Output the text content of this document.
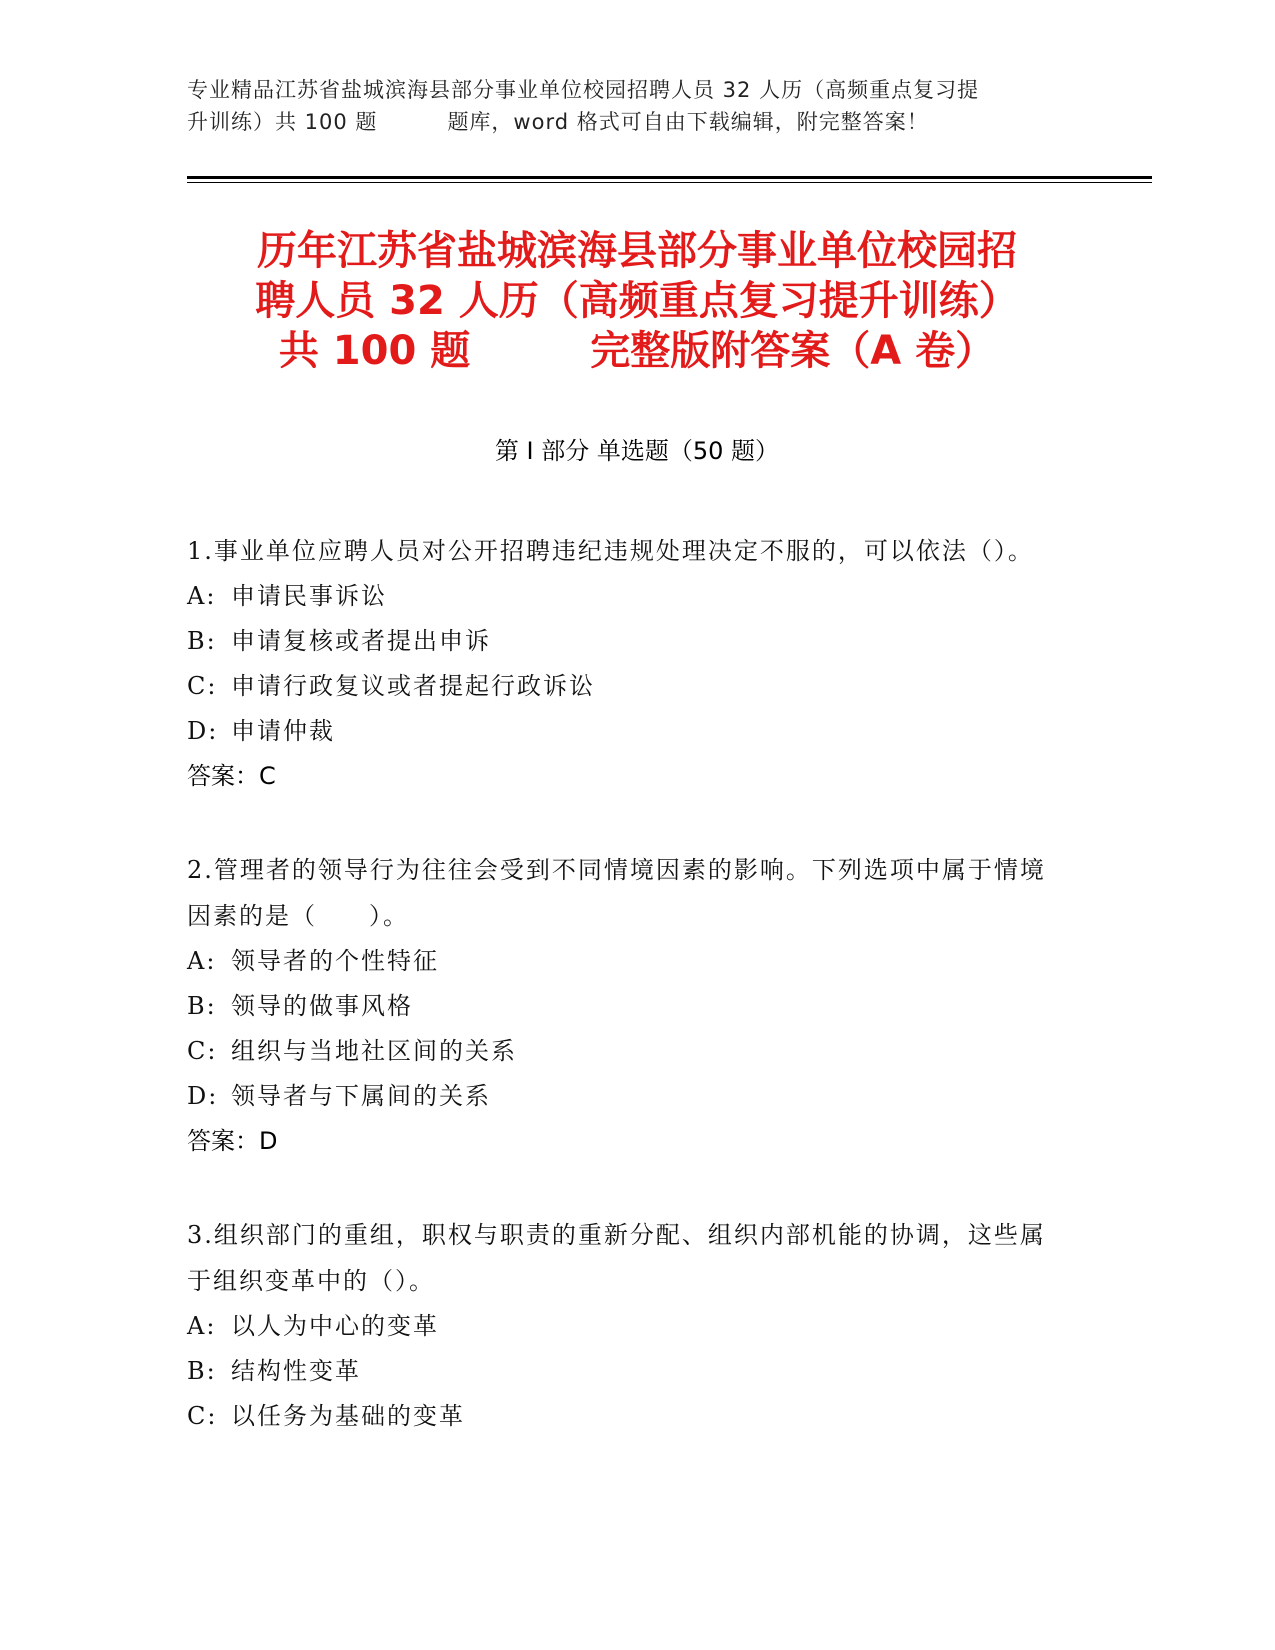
专业精品江苏省盐城滨海县部分事业单位校园招聘人员 32 人历（高频重点复习提
升训练）共 100 题	题库，word 格式可自由下载编辑，附完整答案！
历年江苏省盐城滨海县部分事业单位校园招
聘人员 32 人历（高频重点复习提升训练）
共 100 题	完整版附答案（A 卷）
第 I 部分 单选题（50 题）
1.事业单位应聘人员对公开招聘违纪违规处理决定不服的，可以依法（）。
A: 申请民事诉讼
B: 申请复核或者提出申诉
C: 申请行政复议或者提起行政诉讼
D: 申请仲裁
答案：C
2.管理者的领导行为往往会受到不同情境因素的影响。下列选项中属于情境因素的是（　　）。
A: 领导者的个性特征
B: 领导的做事风格
C: 组织与当地社区间的关系
D: 领导者与下属间的关系
答案：D
3.组织部门的重组，职权与职责的重新分配、组织内部机能的协调，这些属于组织变革中的（）。
A: 以人为中心的变革
B: 结构性变革
C: 以任务为基础的变革
